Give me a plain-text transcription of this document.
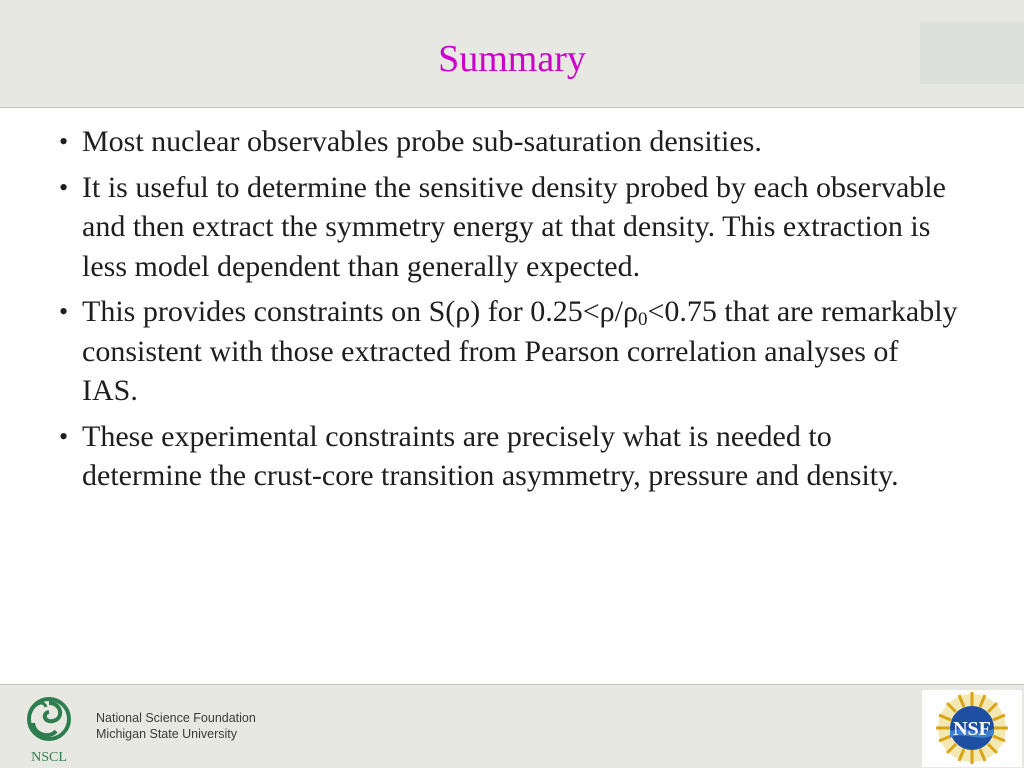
Summary
• Most nuclear observables probe sub-saturation densities.
• It is useful to determine the sensitive density probed by each observable and then extract the symmetry energy at that density. This extraction is less model dependent than generally expected.
• This provides constraints on S(ρ) for $0.25<\rho/\rho_0<0.75$ that are remarkably consistent with those extracted from Pearson correlation analyses of IAS.
• These experimental constraints are precisely what is needed to determine the crust-core transition asymmetry, pressure and density.
NSCL
National Science Foundation
Michigan State University	NSF
